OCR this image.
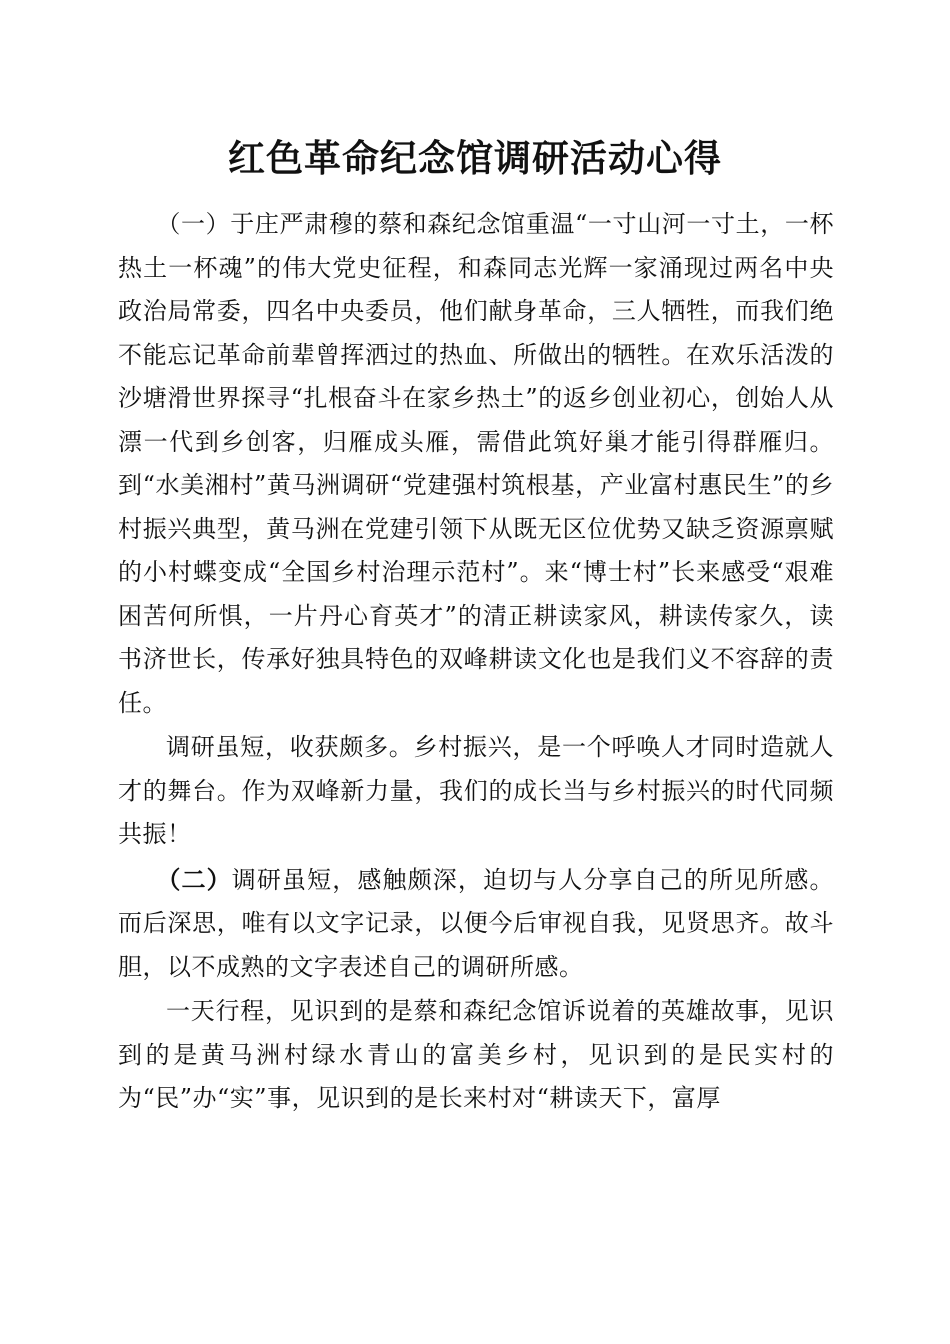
红色革命纪念馆调研活动心得

（一）于庄严肃穆的蔡和森纪念馆重温“一寸山河一寸土，一杯热土一杯魂”的伟大党史征程，和森同志光辉一家涌现过两名中央政治局常委，四名中央委员，他们献身革命，三人牺牲，而我们绝不能忘记革命前辈曾挥洒过的热血、所做出的牺牲。在欢乐活泼的沙塘滑世界探寻“扎根奋斗在家乡热土”的返乡创业初心，创始人从漂一代到乡创客，归雁成头雁，需借此筑好巢才能引得群雁归。到“水美湘村”黄马洲调研“党建强村筑根基，产业富村惠民生”的乡村振兴典型，黄马洲在党建引领下从既无区位优势又缺乏资源禀赋的小村蝶变成“全国乡村治理示范村”。来“博士村”长来感受“艰难困苦何所惧，一片丹心育英才”的清正耕读家风，耕读传家久，读书济世长，传承好独具特色的双峰耕读文化也是我们义不容辞的责任。

调研虽短，收获颇多。乡村振兴，是一个呼唤人才同时造就人才的舞台。作为双峰新力量，我们的成长当与乡村振兴的时代同频共振！

（二）调研虽短，感触颇深，迫切与人分享自己的所见所感。而后深思，唯有以文字记录，以便今后审视自我，见贤思齐。故斗胆，以不成熟的文字表述自己的调研所感。

一天行程，见识到的是蔡和森纪念馆诉说着的英雄故事，见识到的是黄马洲村绿水青山的富美乡村，见识到的是民实村的为“民”办“实”事，见识到的是长来村对“耕读天下，富厚
